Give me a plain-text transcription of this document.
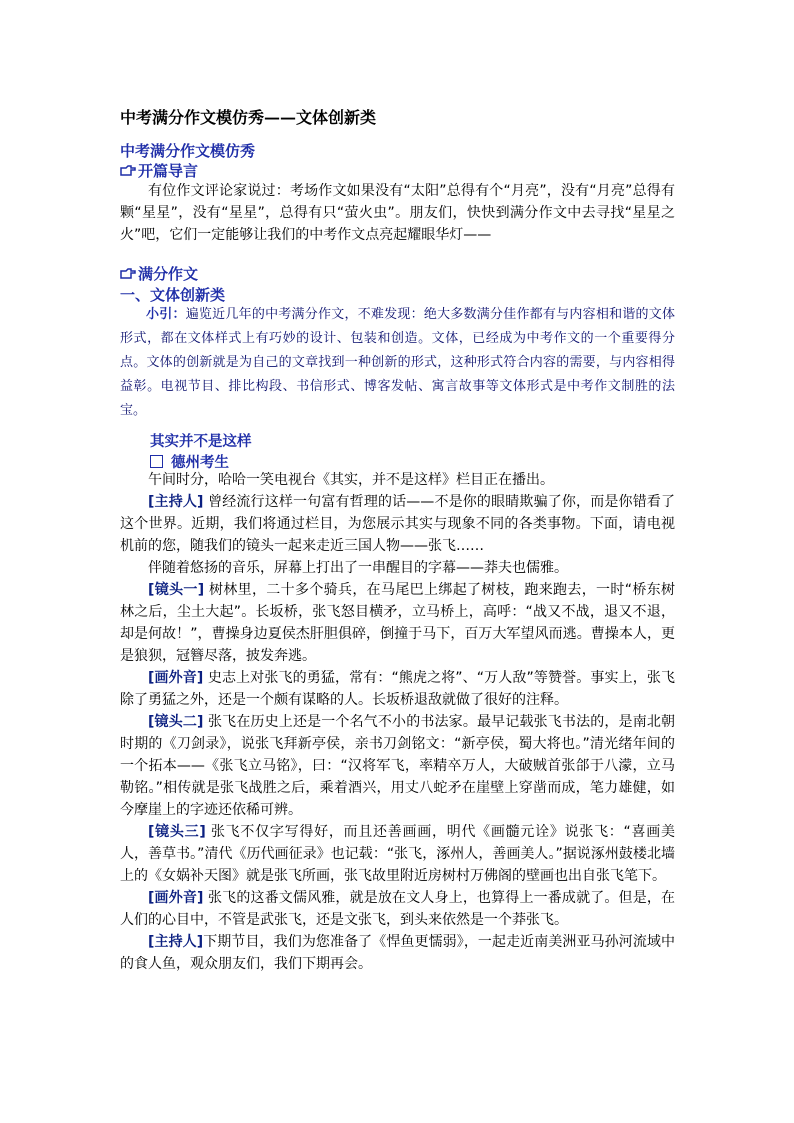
中考满分作文模仿秀——文体创新类
中考满分作文模仿秀
开篇导言

有位作文评论家说过：考场作文如果没有“太阳”总得有个“月亮”，没有“月亮”总得有颗“星星”，没有“星星”，总得有只“萤火虫”。朋友们，快快到满分作文中去寻找“星星之火”吧，它们一定能够让我们的中考作文点亮起耀眼华灯——

满分作文
一、文体创新类

小引：遍览近几年的中考满分作文，不难发现：绝大多数满分佳作都有与内容相和谐的文体形式，都在文体样式上有巧妙的设计、包装和创造。文体，已经成为中考作文的一个重要得分点。文体的创新就是为自己的文章找到一种创新的形式，这种形式符合内容的需要，与内容相得益彰。电视节目、排比构段、书信形式、博客发帖、寓言故事等文体形式是中考作文制胜的法宝。

其实并不是这样
德州考生

午间时分，哈哈一笑电视台《其实，并不是这样》栏目正在播出。

[主持人] 曾经流行这样一句富有哲理的话——不是你的眼睛欺骗了你，而是你错看了这个世界。近期，我们将通过栏目，为您展示其实与现象不同的各类事物。下面，请电视机前的您，随我们的镜头一起来走近三国人物——张飞……

伴随着悠扬的音乐，屏幕上打出了一串醒目的字幕——莽夫也儒雅。

[镜头一] 树林里，二十多个骑兵，在马尾巴上绑起了树枝，跑来跑去，一时“桥东树林之后，尘土大起”。长坂桥，张飞怒目横矛，立马桥上，高呼：“战又不战，退又不退，却是何故！”，曹操身边夏侯杰肝胆俱碎，倒撞于马下，百万大军望风而逃。曹操本人，更是狼狈，冠簪尽落，披发奔逃。

[画外音] 史志上对张飞的勇猛，常有：“熊虎之将”、“万人敌”等赞誉。事实上，张飞除了勇猛之外，还是一个颇有谋略的人。长坂桥退敌就做了很好的注释。

[镜头二] 张飞在历史上还是一个名气不小的书法家。最早记载张飞书法的，是南北朝时期的《刀剑录》，说张飞拜新亭侯，亲书刀剑铭文：“新亭侯，蜀大将也。”清光绪年间的一个拓本——《张飞立马铭》，曰：“汉将军飞，率精卒万人，大破贼首张郃于八濛，立马勒铭。”相传就是张飞战胜之后，乘着酒兴，用丈八蛇矛在崖壁上穿凿而成，笔力雄健，如今摩崖上的字迹还依稀可辨。

[镜头三] 张飞不仅字写得好，而且还善画画，明代《画髓元诠》说张飞：“喜画美人，善草书。”清代《历代画征录》也记载：“张飞，涿州人，善画美人。”据说涿州鼓楼北墙上的《女娲补天图》就是张飞所画，张飞故里附近房树村万佛阁的壁画也出自张飞笔下。

[画外音] 张飞的这番文儒风雅，就是放在文人身上，也算得上一番成就了。但是，在人们的心目中，不管是武张飞，还是文张飞，到头来依然是一个莽张飞。

[主持人]下期节目，我们为您准备了《悍鱼更懦弱》，一起走近南美洲亚马孙河流域中的食人鱼，观众朋友们，我们下期再会。
